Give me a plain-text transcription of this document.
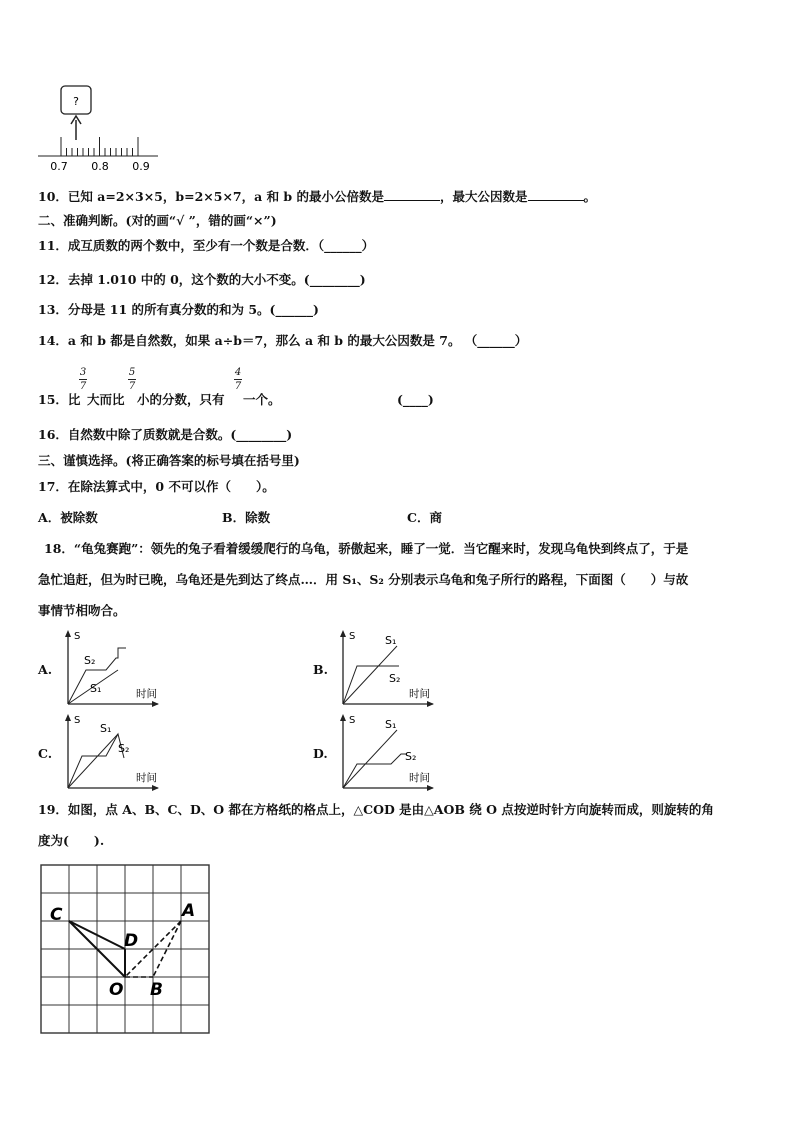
?
0.7 0.8 0.9
10．已知 a=2×3×5，b=2×5×7，a 和 b 的最小公倍数是	，最大公因数是	。
二、准确判断。(对的画“√ ”，错的画“×”)
11．成互质数的两个数中，至少有一个数是合数．（______）
12．去掉 1.010 中的 0，这个数的大小不变。(________)
13．分母是 11 的所有真分数的和为 5。(______)
14．a 和 b 都是自然数，如果 a÷b＝7，那么 a 和 b 的最大公因数是 7。 （______）
3
7
5
7
4
7
15．比 大而比 小的分数，只有 一个。	(____)
16．自然数中除了质数就是合数。(________)
三、谨慎选择。(将正确答案的标号填在括号里)
17．在除法算式中，0 不可以作（　　）。
A．被除数	B．除数	C．商
18．“龟兔赛跑”：领先的兔子看着缓缓爬行的乌龟，骄傲起来，睡了一觉．当它醒来时，发现乌龟快到终点了，于是
急忙追赶，但为时已晚，乌龟还是先到达了终点…．用 S₁、S₂ 分别表示乌龟和兔子所行的路程，下面图（　　）与故
事情节相吻合。
A.	B.
C.	D.
S
S₂
S₁	时间
S	S₁
S₂
时间
S
S₁
S₂
时间
S	S₁
S₂
时间
19．如图，点 A、B、C、D、O 都在方格纸的格点上，△COD 是由△AOB 绕 O 点按逆时针方向旋转而成，则旋转的角
度为(　　).
C	A
D
O B
